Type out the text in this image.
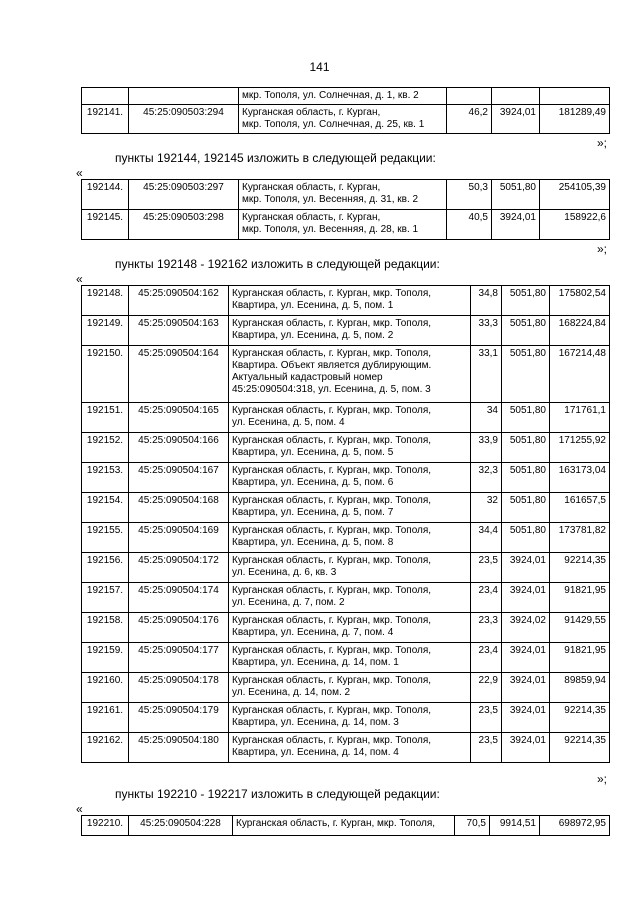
141
		мкр. Тополя, ул. Солнечная, д. 1, кв. 2			
192141.	45:25:090503:294	Курганская область, г. Курган,
мкр. Тополя, ул. Солнечная, д. 25, кв. 1	46,2	3924,01	181289,49
»;
пункты 192144, 192145 изложить в следующей редакции:
«
192144.	45:25:090503:297	Курганская область, г. Курган,
мкр. Тополя, ул. Весенняя, д. 31, кв. 2	50,3	5051,80	254105,39
192145.	45:25:090503:298	Курганская область, г. Курган,
мкр. Тополя, ул. Весенняя, д. 28, кв. 1	40,5	3924,01	158922,6
»;
пункты 192148 - 192162 изложить в следующей редакции:
«
192148.	45:25:090504:162	Курганская область, г. Курган, мкр. Тополя,
Квартира, ул. Есенина, д. 5, пом. 1	34,8	5051,80	175802,54
192149.	45:25:090504:163	Курганская область, г. Курган, мкр. Тополя,
Квартира, ул. Есенина, д. 5, пом. 2	33,3	5051,80	168224,84
192150.	45:25:090504:164	Курганская область, г. Курган, мкр. Тополя,
Квартира. Объект является дублирующим.
Актуальный кадастровый номер
45:25:090504:318, ул. Есенина, д. 5, пом. 3	33,1	5051,80	167214,48
192151.	45:25:090504:165	Курганская область, г. Курган, мкр. Тополя,
ул. Есенина, д. 5, пом. 4	34	5051,80	171761,1
192152.	45:25:090504:166	Курганская область, г. Курган, мкр. Тополя,
Квартира, ул. Есенина, д. 5, пом. 5	33,9	5051,80	171255,92
192153.	45:25:090504:167	Курганская область, г. Курган, мкр. Тополя,
Квартира, ул. Есенина, д. 5, пом. 6	32,3	5051,80	163173,04
192154.	45:25:090504:168	Курганская область, г. Курган, мкр. Тополя,
Квартира, ул. Есенина, д. 5, пом. 7	32	5051,80	161657,5
192155.	45:25:090504:169	Курганская область, г. Курган, мкр. Тополя,
Квартира, ул. Есенина, д. 5, пом. 8	34,4	5051,80	173781,82
192156.	45:25:090504:172	Курганская область, г. Курган, мкр. Тополя,
ул. Есенина, д. 6, кв. 3	23,5	3924,01	92214,35
192157.	45:25:090504:174	Курганская область, г. Курган, мкр. Тополя,
ул. Есенина, д. 7, пом. 2	23,4	3924,01	91821,95
192158.	45:25:090504:176	Курганская область, г. Курган, мкр. Тополя,
Квартира, ул. Есенина, д. 7, пом. 4	23,3	3924,02	91429,55
192159.	45:25:090504:177	Курганская область, г. Курган, мкр. Тополя,
Квартира, ул. Есенина, д. 14, пом. 1	23,4	3924,01	91821,95
192160.	45:25:090504:178	Курганская область, г. Курган, мкр. Тополя,
ул. Есенина, д. 14, пом. 2	22,9	3924,01	89859,94
192161.	45:25:090504:179	Курганская область, г. Курган, мкр. Тополя,
Квартира, ул. Есенина, д. 14, пом. 3	23,5	3924,01	92214,35
192162.	45:25:090504:180	Курганская область, г. Курган, мкр. Тополя,
Квартира, ул. Есенина, д. 14, пом. 4	23,5	3924,01	92214,35
»;
пункты 192210 - 192217 изложить в следующей редакции:
«
192210.	45:25:090504:228	Курганская область, г. Курган, мкр. Тополя,	70,5	9914,51	698972,95
